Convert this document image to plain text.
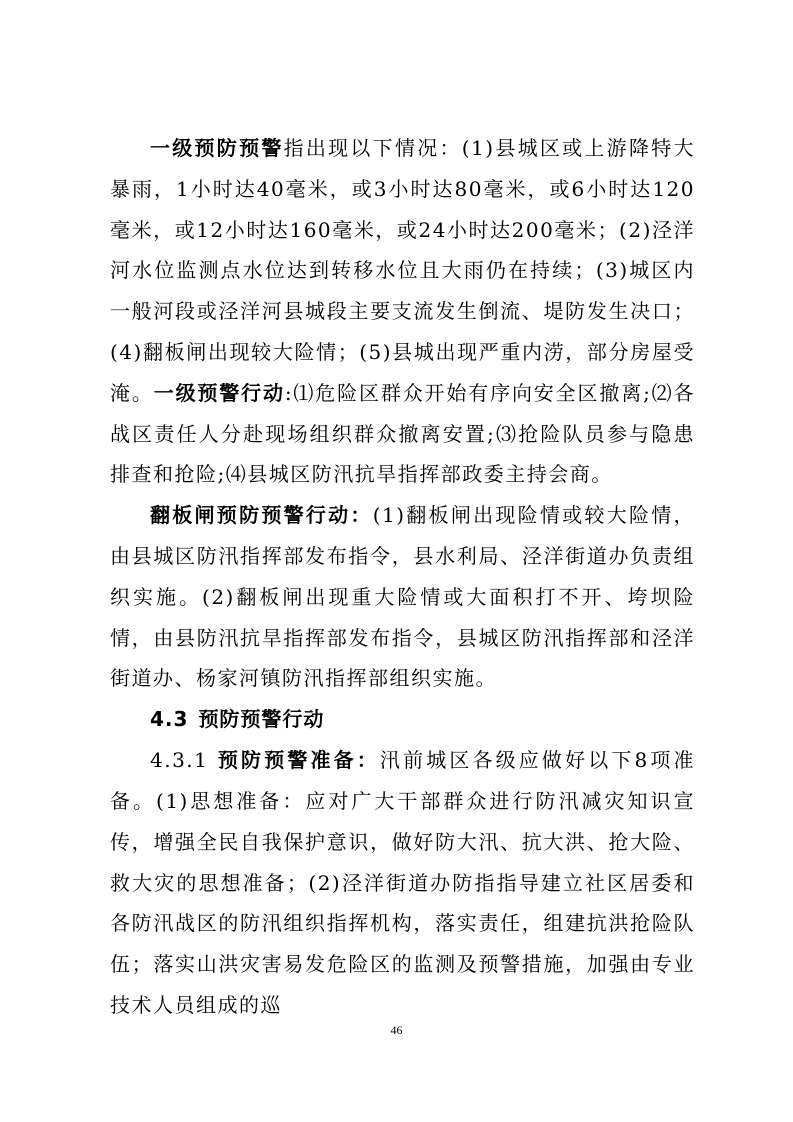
一级预防预警指出现以下情况：(1)县城区或上游降特大暴雨，1小时达40毫米，或3小时达80毫米，或6小时达120毫米，或12小时达160毫米，或24小时达200毫米；(2)泾洋河水位监测点水位达到转移水位且大雨仍在持续；(3)城区内一般河段或泾洋河县城段主要支流发生倒流、堤防发生决口；(4)翻板闸出现较大险情；(5)县城出现严重内涝，部分房屋受淹。一级预警行动:⑴危险区群众开始有序向安全区撤离;⑵各战区责任人分赴现场组织群众撤离安置;⑶抢险队员参与隐患排查和抢险;⑷县城区防汛抗旱指挥部政委主持会商。

翻板闸预防预警行动：(1)翻板闸出现险情或较大险情，由县城区防汛指挥部发布指令，县水利局、泾洋街道办负责组织实施。(2)翻板闸出现重大险情或大面积打不开、垮坝险情，由县防汛抗旱指挥部发布指令，县城区防汛指挥部和泾洋街道办、杨家河镇防汛指挥部组织实施。

4.3 预防预警行动

4.3.1 预防预警准备：汛前城区各级应做好以下8项准备。(1)思想准备：应对广大干部群众进行防汛减灾知识宣传，增强全民自我保护意识，做好防大汛、抗大洪、抢大险、救大灾的思想准备；(2)泾洋街道办防指指导建立社区居委和各防汛战区的防汛组织指挥机构，落实责任，组建抗洪抢险队伍；落实山洪灾害易发危险区的监测及预警措施，加强由专业技术人员组成的巡

46
